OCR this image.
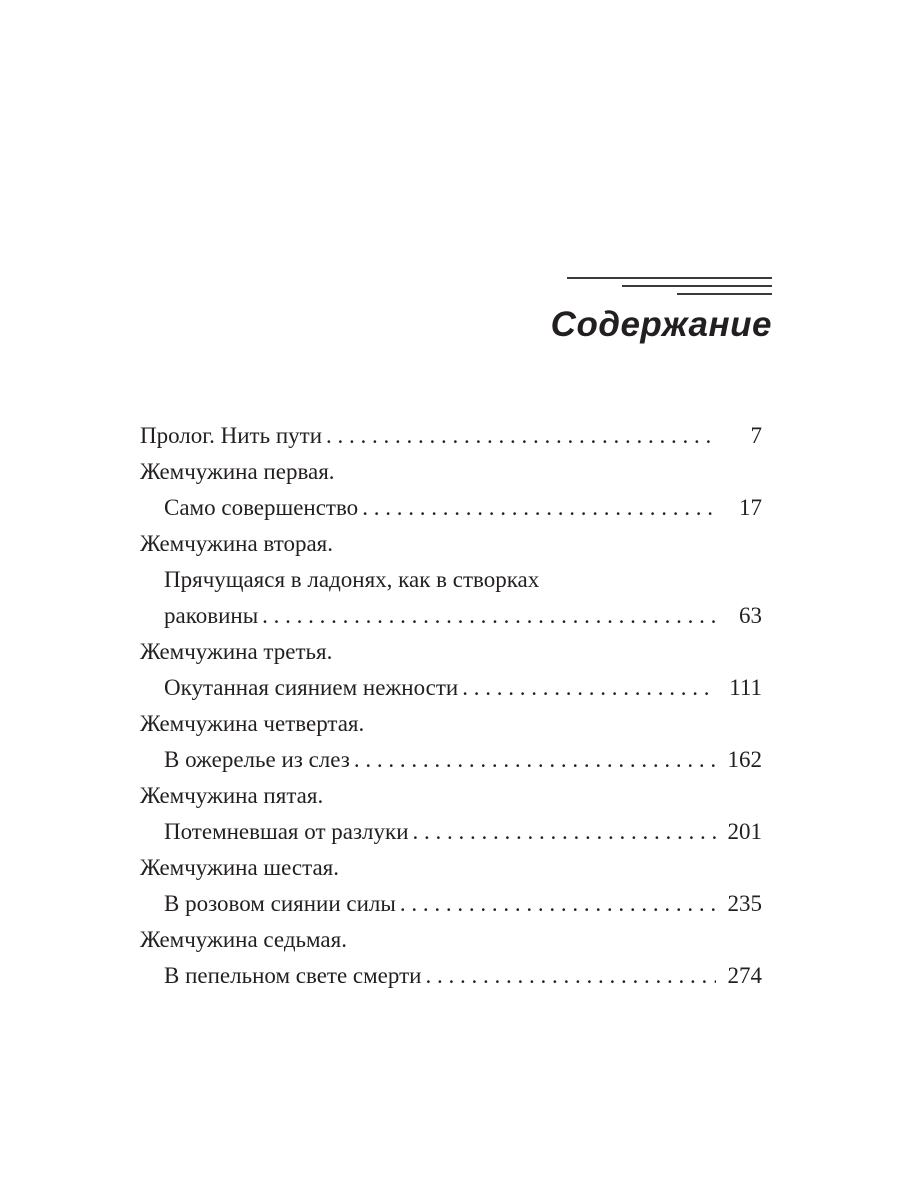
Содержание
Пролог. Нить пути . . .	7
Жемчужина первая.
Само совершенство . . .	17
Жемчужина вторая.
Прячущаяся в ладонях, как в створках
раковины . . .	63
Жемчужина третья.
Окутанная сиянием нежности . . .	111
Жемчужина четвертая.
В ожерелье из слез . . .	162
Жемчужина пятая.
Потемневшая от разлуки . . .	201
Жемчужина шестая.
В розовом сиянии силы . . .	235
Жемчужина седьмая.
В пепельном свете смерти . . .	274
